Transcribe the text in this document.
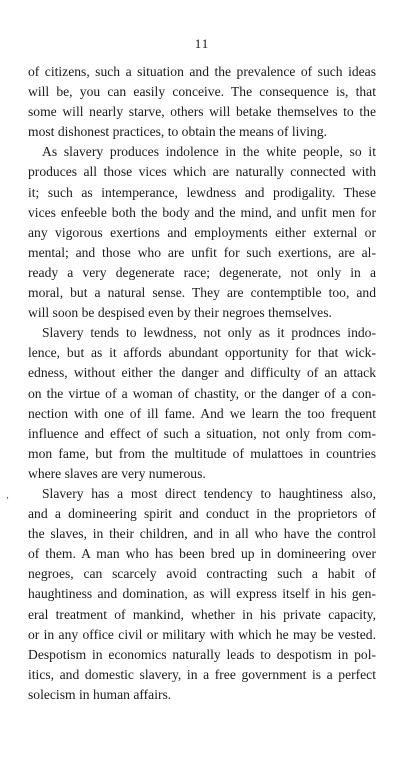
11
of citizens, such a situation and the prevalence of such ideas
will be, you can easily conceive. The consequence is, that
some will nearly starve, others will betake themselves to the
most dishonest practices, to obtain the means of living.
As slavery produces indolence in the white people, so it
produces all those vices which are naturally connected with
it; such as intemperance, lewdness and prodigality. These
vices enfeeble both the body and the mind, and unfit men for
any vigorous exertions and employments either external or
mental; and those who are unfit for such exertions, are al-
ready a very degenerate race; degenerate, not only in a
moral, but a natural sense. They are contemptible too, and
will soon be despised even by their negroes themselves.
Slavery tends to lewdness, not only as it prodnces indo-
lence, but as it affords abundant opportunity for that wick-
edness, without either the danger and difficulty of an attack
on the virtue of a woman of chastity, or the danger of a con-
nection with one of ill fame. And we learn the too frequent
influence and effect of such a situation, not only from com-
mon fame, but from the multitude of mulattoes in countries
where slaves are very numerous.
Slavery has a most direct tendency to haughtiness also,
and a domineering spirit and conduct in the proprietors of
the slaves, in their children, and in all who have the control
of them. A man who has been bred up in domineering over
negroes, can scarcely avoid contracting such a habit of
haughtiness and domination, as will express itself in his gen-
eral treatment of mankind, whether in his private capacity,
or in any office civil or military with which he may be vested.
Despotism in economics naturally leads to despotism in pol-
itics, and domestic slavery, in a free government is a perfect
solecism in human affairs.
‚
